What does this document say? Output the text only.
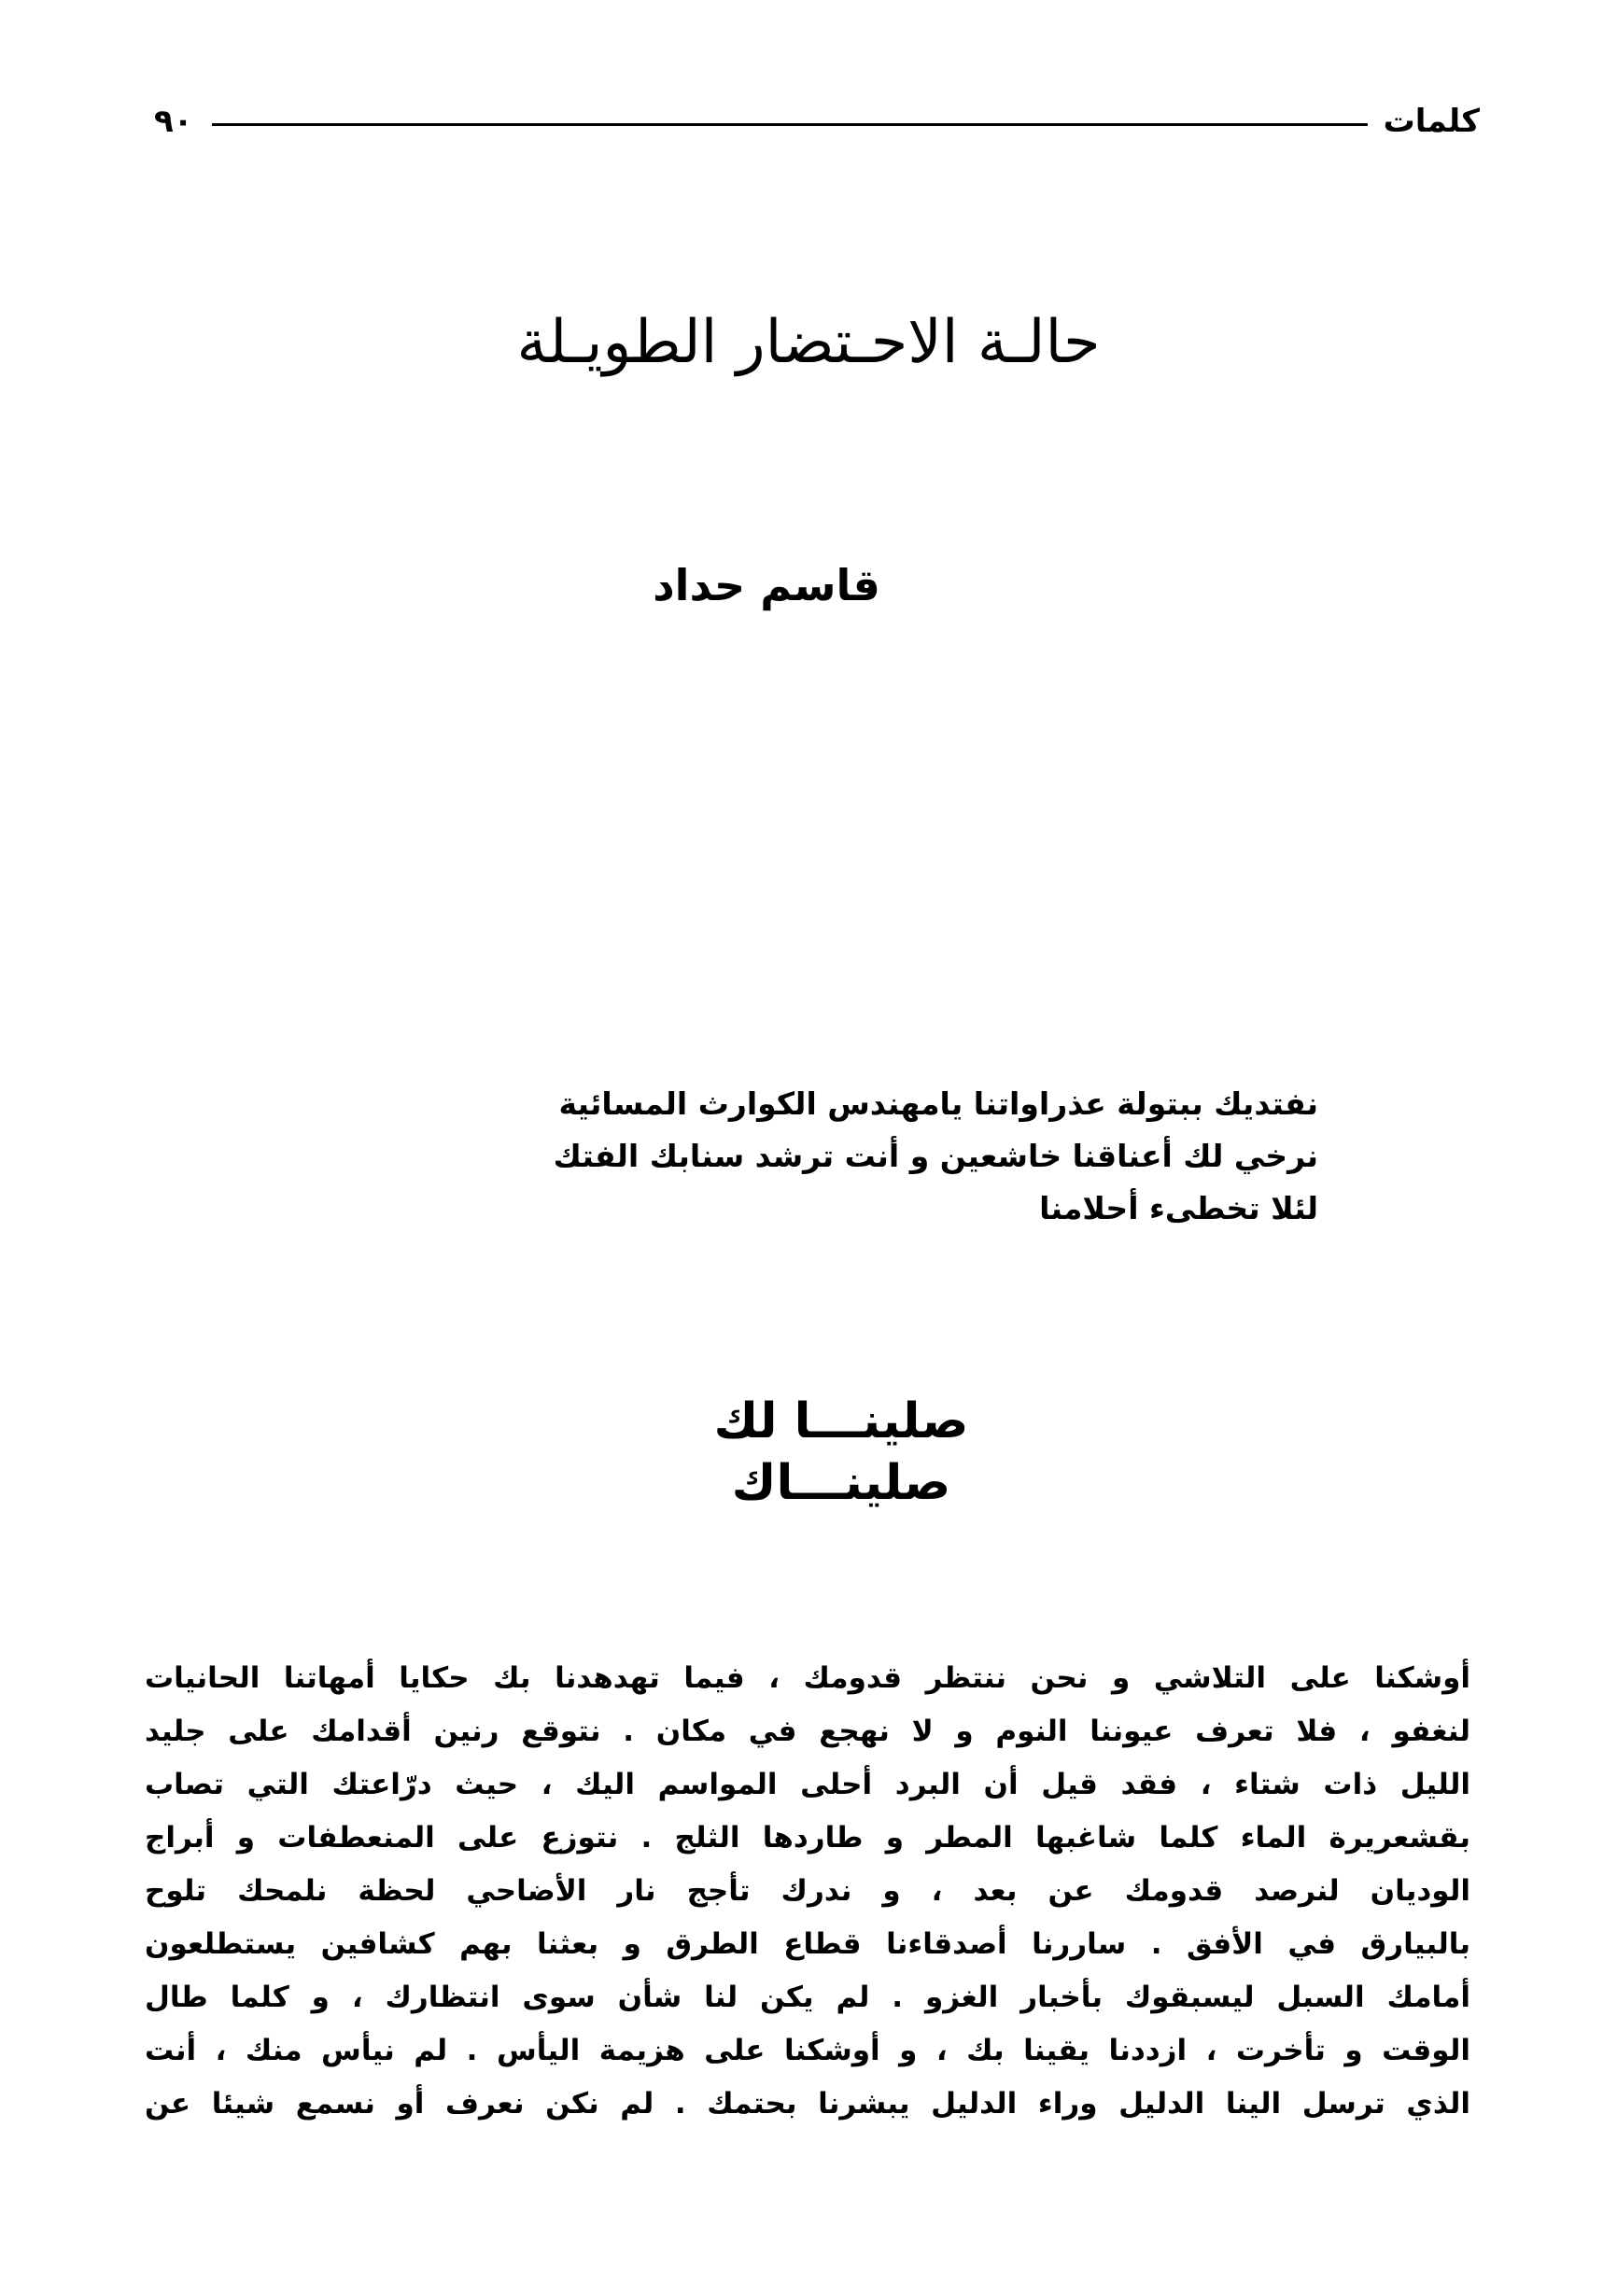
كلمات
٩٠
حالـة الاحـتضار الطويـلة
قاسم حداد
نفتديك ببتولة عذراواتنا يامهندس الكوارث المسائية
نرخي لك أعناقنا خاشعين و أنت ترشد سنابك الفتك
لئلا تخطىء أحلامنا
صلينـــا لك
صلينـــاك
أوشكنا على التلاشي و نحن ننتظر قدومك ، فيما تهدهدنا بك حكايا أمهاتنا الحانيات
لنغفو ، فلا تعرف عيوننا النوم و لا نهجع في مكان . نتوقع رنين أقدامك على جليد
الليل ذات شتاء ، فقد قيل أن البرد أحلى المواسم اليك ، حيث درّاعتك التي تصاب
بقشعريرة الماء كلما شاغبها المطر و طاردها الثلج . نتوزع على المنعطفات و أبراج
الوديان لنرصد قدومك عن بعد ، و ندرك تأجج نار الأضاحي لحظة نلمحك تلوح
بالبيارق في الأفق . ساررنا أصدقاءنا قطاع الطرق و بعثنا بهم كشافين يستطلعون
أمامك السبل ليسبقوك بأخبار الغزو . لم يكن لنا شأن سوى انتظارك ، و كلما طال
الوقت و تأخرت ، ازددنا يقينا بك ، و أوشكنا على هزيمة اليأس . لم نيأس منك ، أنت
الذي ترسل الينا الدليل وراء الدليل يبشرنا بحتمك . لم نكن نعرف أو نسمع شيئا عن
